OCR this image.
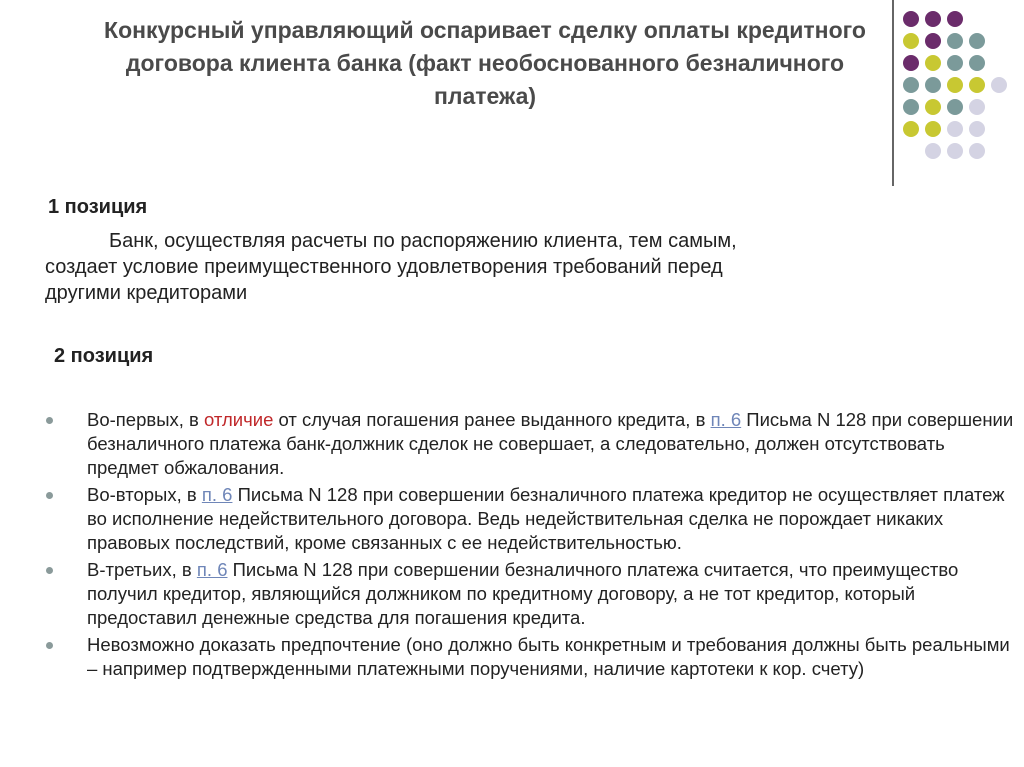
Конкурсный управляющий оспаривает сделку оплаты кредитного
договора клиента банка (факт необоснованного безналичного
платежа)
1 позиция

Банк, осуществляя расчеты по распоряжению клиента, тем самым,
создает условие преимущественного удовлетворения требований перед
другими кредиторами

2 позиция
Во-первых, в отличие от случая погашения ранее выданного кредита, в п. 6 Письма N 128 при совершении безналичного платежа банк-должник сделок не совершает, а следовательно, должен отсутствовать предмет обжалования.
Во-вторых, в п. 6 Письма N 128 при совершении безналичного платежа кредитор не осуществляет платеж во исполнение недействительного договора. Ведь недействительная сделка не порождает никаких правовых последствий, кроме связанных с ее недействительностью.
В-третьих, в п. 6 Письма N 128 при совершении безналичного платежа считается, что преимущество получил кредитор, являющийся должником по кредитному договору, а не тот кредитор, который предоставил денежные средства для погашения кредита.
Невозможно доказать предпочтение (оно должно быть конкретным и требования должны быть реальными – например подтвержденными платежными поручениями, наличие картотеки к кор. счету)
